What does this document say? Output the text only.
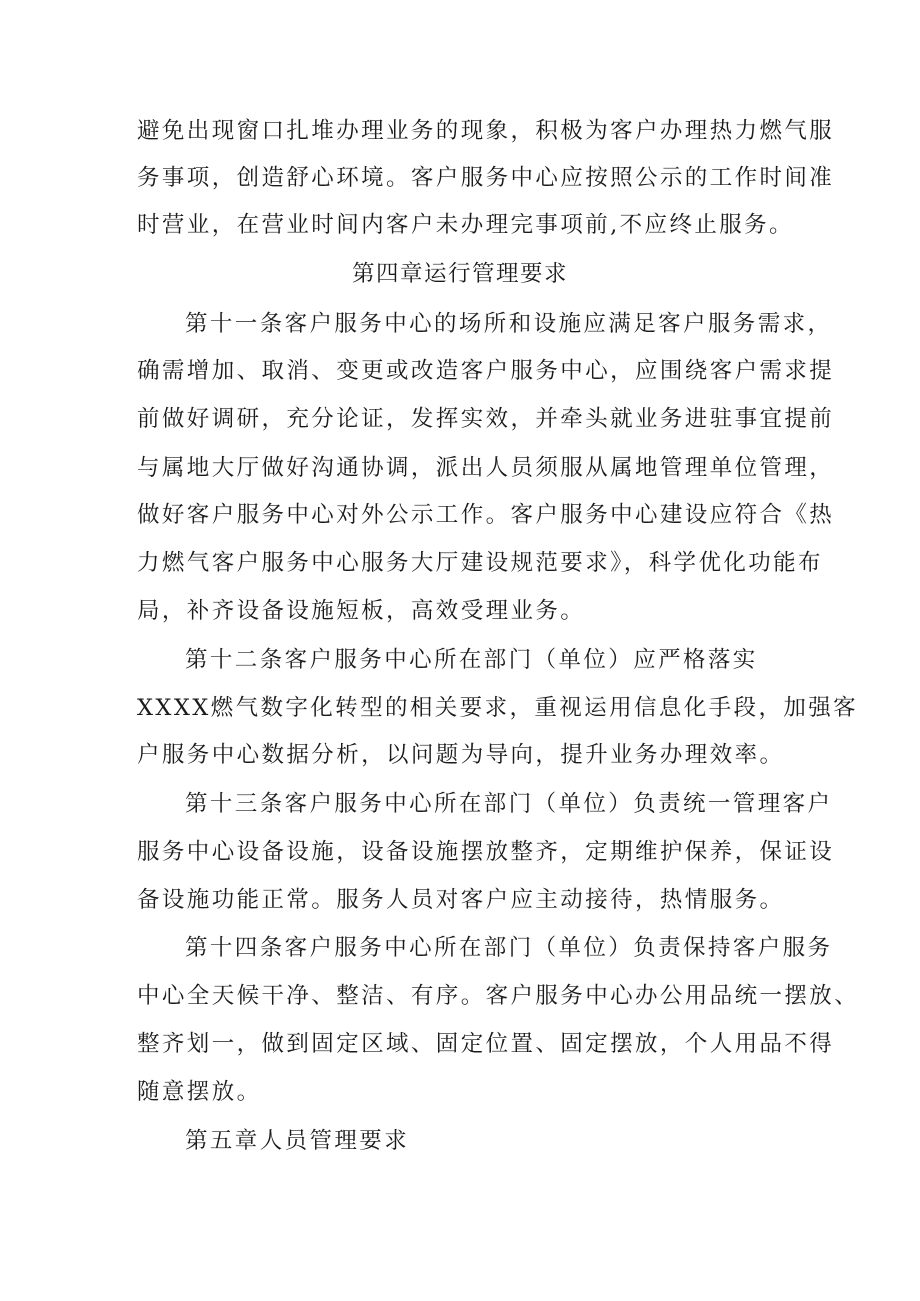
避免出现窗口扎堆办理业务的现象，积极为客户办理热力燃气服
务事项，创造舒心环境。客户服务中心应按照公示的工作时间准
时营业，在营业时间内客户未办理完事项前,不应终止服务。
第四章运行管理要求
第十一条客户服务中心的场所和设施应满足客户服务需求，
确需增加、取消、变更或改造客户服务中心，应围绕客户需求提
前做好调研，充分论证，发挥实效，并牵头就业务进驻事宜提前
与属地大厅做好沟通协调，派出人员须服从属地管理单位管理，
做好客户服务中心对外公示工作。客户服务中心建设应符合《热
力燃气客户服务中心服务大厅建设规范要求》，科学优化功能布
局，补齐设备设施短板，高效受理业务。
第十二条客户服务中心所在部门（单位）应严格落实
XXXX燃气数字化转型的相关要求，重视运用信息化手段，加强客
户服务中心数据分析，以问题为导向，提升业务办理效率。
第十三条客户服务中心所在部门（单位）负责统一管理客户
服务中心设备设施，设备设施摆放整齐，定期维护保养，保证设
备设施功能正常。服务人员对客户应主动接待，热情服务。
第十四条客户服务中心所在部门（单位）负责保持客户服务
中心全天候干净、整洁、有序。客户服务中心办公用品统一摆放、
整齐划一，做到固定区域、固定位置、固定摆放，个人用品不得
随意摆放。
第五章人员管理要求
